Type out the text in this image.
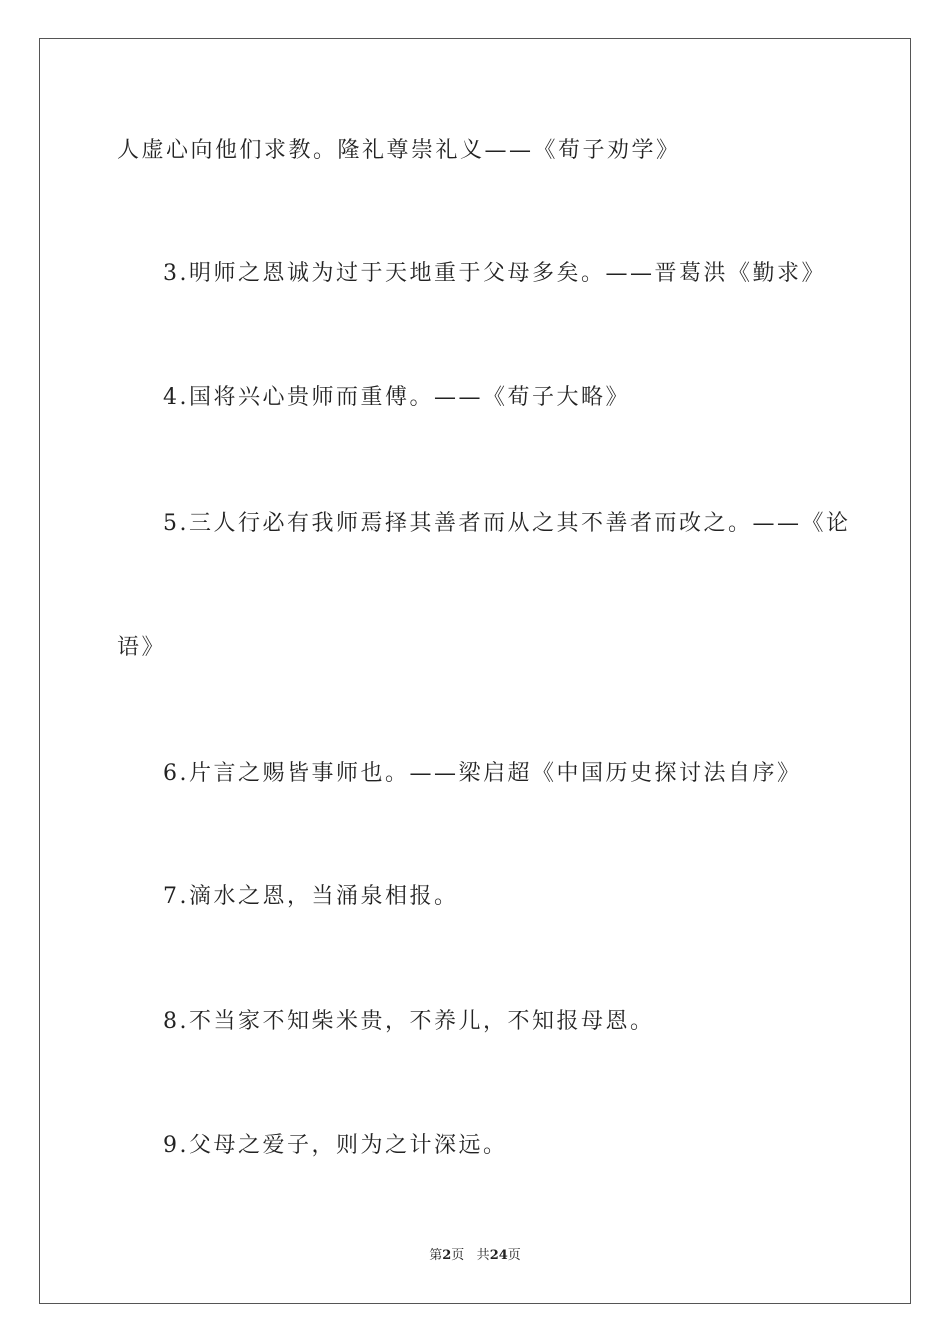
人虚心向他们求教。隆礼尊崇礼义——《荀子劝学》
3.明师之恩诚为过于天地重于父母多矣。——晋葛洪《勤求》
4.国将兴心贵师而重傅。——《荀子大略》
5.三人行必有我师焉择其善者而从之其不善者而改之。——《论
语》
6.片言之赐皆事师也。——梁启超《中国历史探讨法自序》
7.滴水之恩，当涌泉相报。
8.不当家不知柴米贵，不养儿，不知报母恩。
9.父母之爱子，则为之计深远。
第2页 共24页
